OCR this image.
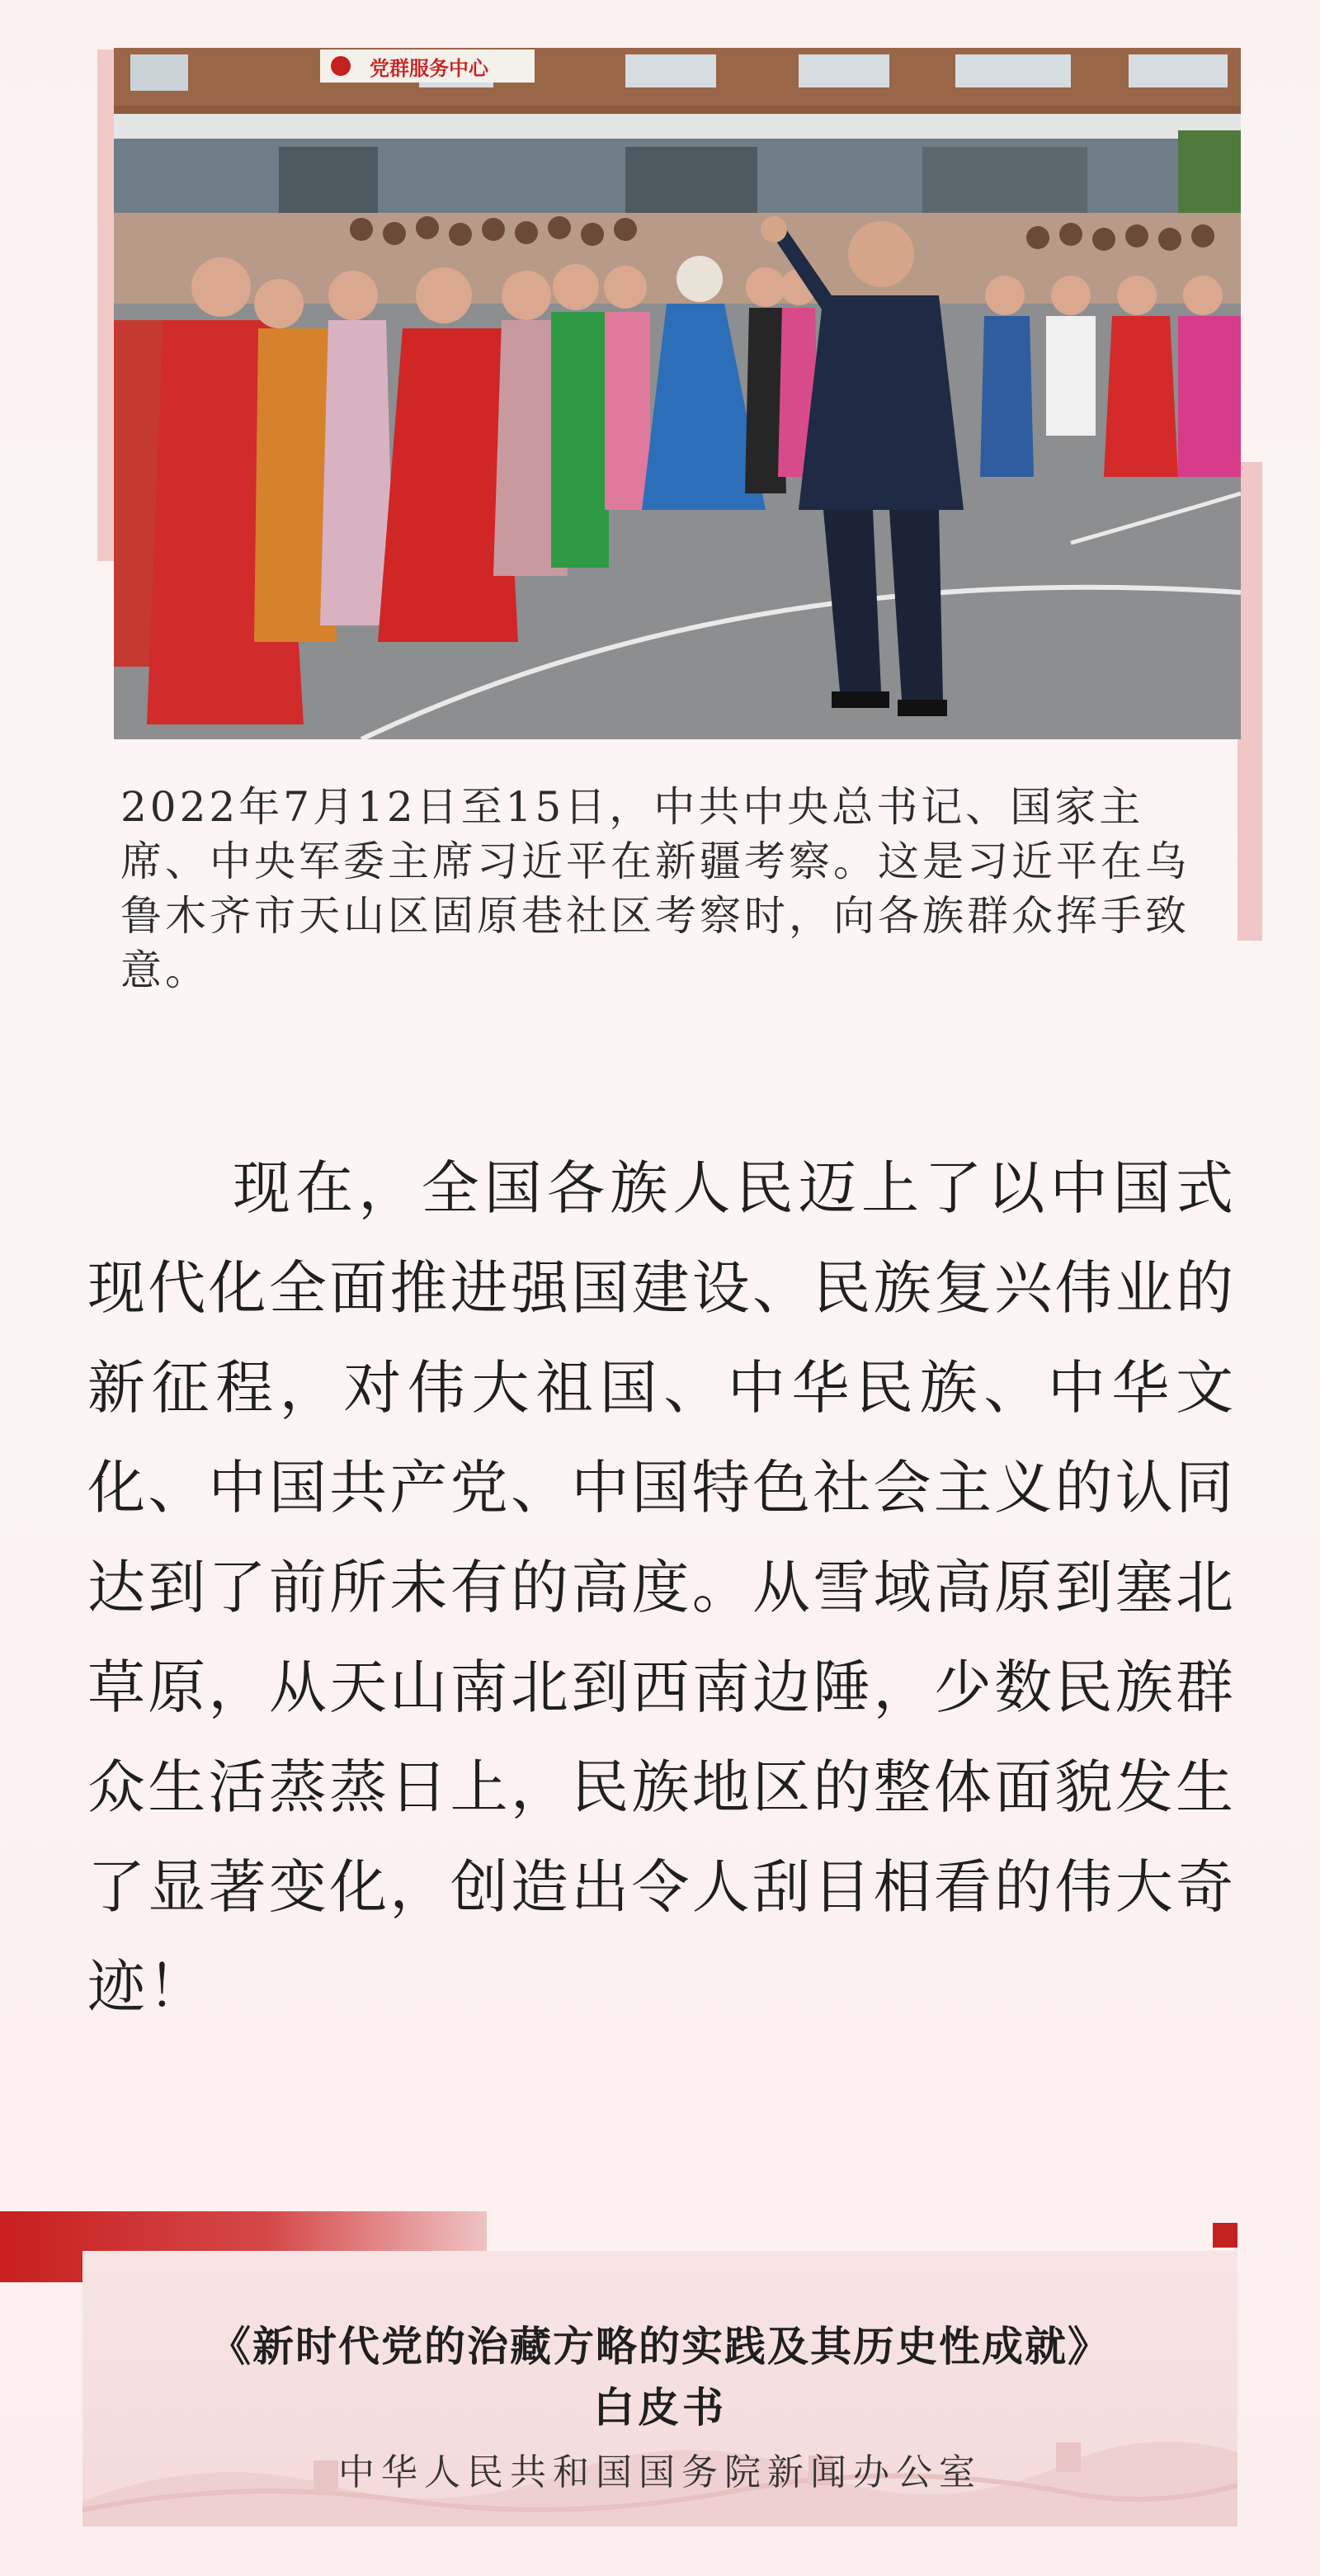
党群服务中心

2022年7月12日至15日，中共中央总书记、国家主席、中央军委主席习近平在新疆考察。这是习近平在乌鲁木齐市天山区固原巷社区考察时，向各族群众挥手致意。

现在，全国各族人民迈上了以中国式现代化全面推进强国建设、民族复兴伟业的新征程，对伟大祖国、中华民族、中华文化、中国共产党、中国特色社会主义的认同达到了前所未有的高度。从雪域高原到塞北草原，从天山南北到西南边陲，少数民族群众生活蒸蒸日上，民族地区的整体面貌发生了显著变化，创造出令人刮目相看的伟大奇迹！

《新时代党的治藏方略的实践及其历史性成就》
白皮书
中华人民共和国国务院新闻办公室
